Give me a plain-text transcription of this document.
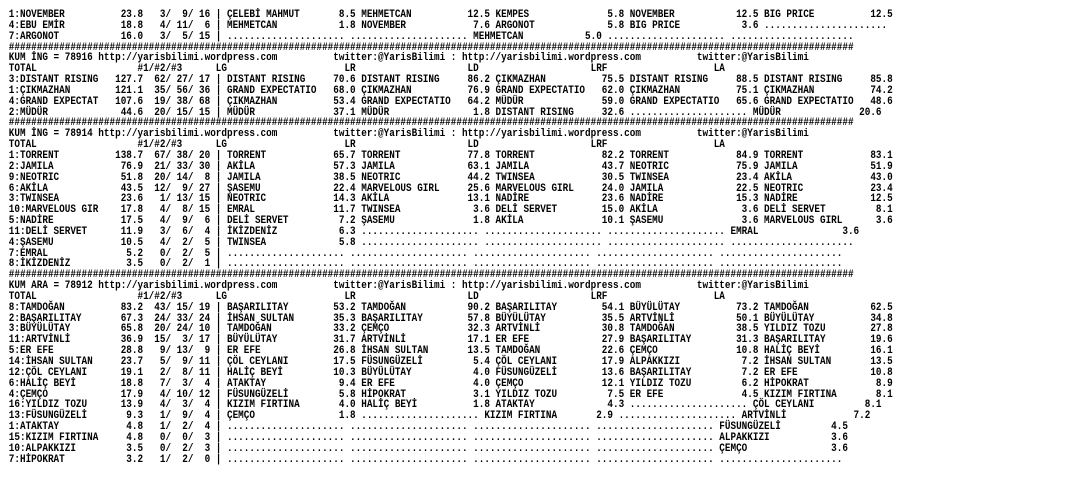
1:NOVEMBER          23.8   3/  9/ 16 | ÇELEBİ MAHMUT       8.5 MEHMETCAN          12.5 KEMPES              5.8 NOVEMBER           12.5 BIG PRICE          12.5
4:EBU EMİR          18.8   4/ 11/  6 | MEHMETCAN           1.8 NOVEMBER            7.6 ARGONOT             5.8 BIG PRICE           3.6 ......................
7:ARGONOT           16.0   3/  5/ 15 | ..................... ..................... MEHMETCAN           5.0 ..................... ......................
#######################################################################################################################################################
KUM İNG = 78916 http://yarisbilimi.wordpress.com          twitter:@YarisBilimi : http://yarisbilimi.wordpress.com          twitter:@YarisBilimi
TOTAL                  #1/#2/#3      LG                     LR                    LD                    LRF                   LA
3:DISTANT RISING   127.7  62/ 27/ 17 | DISTANT RISING     70.6 DISTANT RISING     86.2 ÇIKMAZHAN          75.5 DISTANT RISING     88.5 DISTANT RISING     85.8
1:ÇIKMAZHAN        121.1  35/ 56/ 36 | GRAND EXPECTATIO   68.0 ÇIKMAZHAN          76.9 GRAND EXPECTATIO   62.0 ÇIKMAZHAN          75.1 ÇIKMAZHAN          74.2
4:GRAND EXPECTAT   107.6  19/ 38/ 68 | ÇIKMAZHAN          53.4 GRAND EXPECTATIO   64.2 MÜDÜR              59.0 GRAND EXPECTATIO   65.6 GRAND EXPECTATIO   48.6
2:MÜDÜR             44.6  20/ 15/ 15 | MÜDÜR              37.1 MÜDÜR               1.8 DISTANT RISING     32.6 ..................... MÜDÜR              20.6
#######################################################################################################################################################
KUM İNG = 78914 http://yarisbilimi.wordpress.com          twitter:@YarisBilimi : http://yarisbilimi.wordpress.com          twitter:@YarisBilimi
TOTAL                  #1/#2/#3      LG                     LR                    LD                    LRF                   LA
1:TORRENT          138.7  67/ 38/ 20 | TORRENT            65.7 TORRENT            77.8 TORRENT            82.2 TORRENT            84.9 TORRENT            83.1
2:JAMILA            76.9  21/ 33/ 30 | AKİLA              57.3 JAMILA             63.1 JAMILA             43.7 NEOTRIC            75.9 JAMILA             51.9
9:NEOTRIC           51.8  20/ 14/  8 | JAMILA             38.5 NEOTRIC            44.2 TWINSEA            30.5 TWINSEA            23.4 AKİLA              43.0
6:AKİLA             43.5  12/  9/ 27 | ŞASEMU             22.4 MARVELOUS GIRL     25.6 MARVELOUS GIRL     24.0 JAMILA             22.5 NEOTRIC            23.4
3:TWINSEA           23.6   1/ 13/ 15 | NEOTRIC            14.3 AKİLA              13.1 NADİRE             23.6 NADİRE             15.3 NADİRE             12.5
10:MARVELOUS GIR    17.8   4/  8/ 15 | EMRAL              11.7 TWINSEA             3.6 DELİ SERVET        15.0 AKİLA               3.6 DELİ SERVET         8.1
5:NADİRE            17.5   4/  9/  6 | DELİ SERVET         7.2 ŞASEMU              1.8 AKİLA              10.1 ŞASEMU              3.6 MARVELOUS GIRL      3.6
11:DELİ SERVET      11.9   3/  6/  4 | İKİZDENİZ           6.3 ..................... ..................... ..................... EMRAL               3.6
4:ŞASEMU            10.5   4/  2/  5 | TWINSEA             5.8 ..................... ..................... ..................... ......................
7:EMRAL              5.2   0/  2/  5 | ..................... ..................... ..................... ..................... ......................
8:İKİZDENİZ          3.5   0/  2/  1 | ..................... ..................... ..................... ..................... ......................
#######################################################################################################################################################
KUM ARA = 78912 http://yarisbilimi.wordpress.com          twitter:@YarisBilimi : http://yarisbilimi.wordpress.com          twitter:@YarisBilimi
TOTAL                  #1/#2/#3      LG                     LR                    LD                    LRF                   LA
8:TAMDOĞAN          83.2  43/ 15/ 19 | BAŞARILITAY        53.2 TAMDOĞAN           90.2 BAŞARILITAY        54.1 BÜYÜLÜTAY          73.2 TAMDOĞAN           62.5
2:BAŞARILITAY       67.3  24/ 33/ 24 | İHSAN SULTAN       35.3 BAŞARILITAY        57.8 BÜYÜLÜTAY          35.5 ARTVİNLİ           50.1 BÜYÜLÜTAY          34.8
3:BÜYÜLÜTAY         65.8  20/ 24/ 10 | TAMDOĞAN           33.2 ÇEMÇO              32.3 ARTVİNLİ           30.8 TAMDOĞAN           38.5 YILDIZ TOZU        27.8
11:ARTVİNLİ         36.9  15/  3/ 17 | BÜYÜLÜTAY          31.7 ARTVİNLİ           17.1 ER EFE             27.9 BAŞARILITAY        31.3 BAŞARILITAY        19.6
5:ER EFE            28.8   9/ 13/  9 | ER EFE             26.8 İHSAN SULTAN       13.5 TAMDOĞAN           22.6 ÇEMÇO              10.8 HALİÇ BEYİ         16.1
14:İHSAN SULTAN     23.7   5/  9/ 11 | ÇÖL CEYLANI        17.5 FÜSUNGÜZELİ         5.4 ÇÖL CEYLANI        17.9 ALPAKKIZI           7.2 İHSAN SULTAN       13.5
12:ÇÖL CEYLANI      19.1   2/  8/ 11 | HALİÇ BEYİ         10.3 BÜYÜLÜTAY           4.0 FÜSUNGÜZELİ        13.6 BAŞARILITAY         7.2 ER EFE             10.8
6:HALİÇ BEYİ        18.8   7/  3/  4 | ATAKTAY             9.4 ER EFE              4.0 ÇEMÇO              12.1 YILDIZ TOZU         6.2 HİPOKRAT            8.9
4:ÇEMÇO             17.9   4/ 10/ 12 | FÜSUNGÜZELİ         5.8 HİPOKRAT            3.1 YILDIZ TOZU         7.5 ER EFE              4.5 KIZIM FIRTINA       8.1
16:YILDIZ TOZU      13.9   4/  3/  4 | KIZIM FIRTINA       4.0 HALİÇ BEYİ          1.8 ATAKTAY             4.3 ..................... ÇÖL CEYLANI         8.1
13:FÜSUNGÜZELİ       9.3   1/  9/  4 | ÇEMÇO               1.8 ..................... KIZIM FIRTINA       2.9 ..................... ARTVİNLİ            7.2
1:ATAKTAY            4.8   1/  2/  4 | ..................... ..................... ..................... ..................... FÜSUNGÜZELİ         4.5
15:KIZIM FIRTINA     4.8   0/  0/  3 | ..................... ..................... ..................... ..................... ALPAKKIZI           3.6
10:ALPAKKIZI         3.5   0/  2/  3 | ..................... ..................... ..................... ..................... ÇEMÇO               3.6
7:HİPOKRAT           3.2   1/  2/  0 | ..................... ..................... ..................... ..................... ......................
